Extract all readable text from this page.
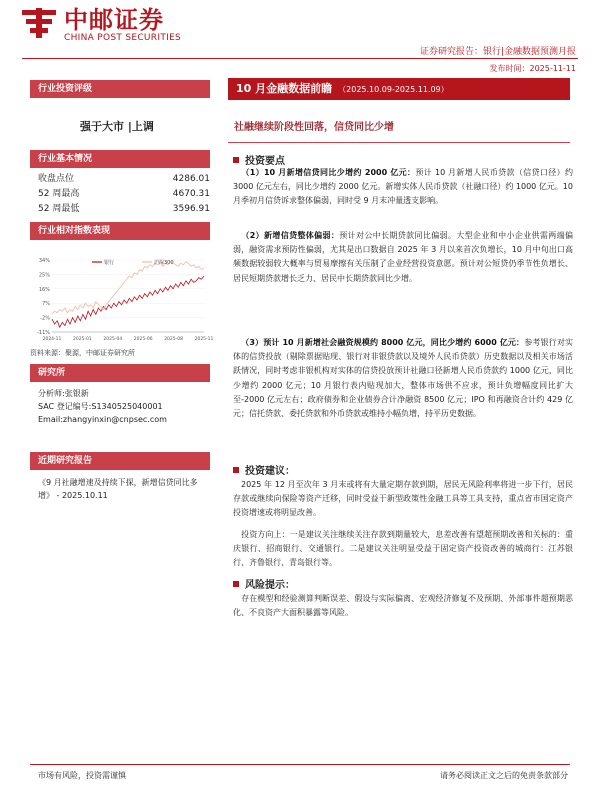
中邮证券
CHINA POST SECURITIES
证券研究报告：银行|金融数据预测月报
发布时间：2025-11-11
行业投资评级
强于大市 |上调
行业基本情况
收盘点位	4286.01
52 周最高	4670.31
52 周最低	3596.91
行业相对指数表现
-11%
-2%
7%
16%
25%
34%
2024-11	2025-01	2025-04	2025-06	2025-08	2025-11
银行	沪深300
资料来源：聚源，中邮证券研究所
研究所
分析师:张银新
SAC 登记编号:S1340525040001
Email:zhangyinxin@cnpsec.com
近期研究报告
《9 月社融增速及持续下探，新增信贷同比多增》 - 2025.10.11
10 月金融数据前瞻 （2025.10.09-2025.11.09）
社融继续阶段性回落，信贷同比少增
投资要点
 （1）10 月新增信贷同比少增约 2000 亿元：预计 10 月新增人民币贷款（信贷口径）约 3000 亿元左右，同比少增约 2000 亿元。新增实体人民币贷款（社融口径）约 1000 亿元。10 月季初月信贷诉求整体偏弱，同时受 9 月末冲量透支影响。
 （2）新增信贷整体偏弱：预计对公中长期贷款同比偏弱。大型企业和中小企业供需两端偏弱，融资需求预防性偏弱，尤其是出口数据自 2025 年 3 月以来首次负增长，10 月中旬出口高频数据较弱较大概率与贸易摩擦有关压制了企业经营投资意愿。预计对公短贷仍季节性负增长、居民短期贷款增长乏力、居民中长期贷款同比少增。
 （3）预计 10 月新增社会融资规模约 8000 亿元，同比少增约 6000 亿元：参考银行对实体的信贷投放（剔除票据贴现、银行对非银贷款以及境外人民币贷款）历史数据以及相关市场活跃情况，同时考虑非银机构对实体的信贷投放预计社融口径新增人民币贷款约 1000 亿元，同比少增约 2000 亿元；10 月银行表内贴现加大，整体市场供不应求，预计负增幅度同比扩大至-2000 亿元左右；政府债券和企业债券合计净融资 8500 亿元；IPO 和再融资合计约 429 亿元；信托贷款、委托贷款和外币贷款或维持小幅负增，持平历史数据。
投资建议：
 2025 年 12 月至次年 3 月末或将有大量定期存款到期，居民无风险利率将进一步下行，居民存款或继续向保险等资产迁移，同时受益于新型政策性金融工具等工具支持，重点省市国定资产投资增速或将明显改善。
 投资方向上：一是建议关注继续关注存款到期量较大，息差改善有望超预期改善和关标的：重庆银行、招商银行、交通银行。二是建议关注明显受益于固定资产投资改善的城商行：江苏银行、齐鲁银行、青岛银行等。
风险提示：
 存在模型和经验测算判断误差、假设与实际偏离、宏观经济修复不及预期、外部事件超预期恶化、不良资产大面积暴露等风险。
市场有风险，投资需谨慎	请务必阅读正文之后的免责条款部分
